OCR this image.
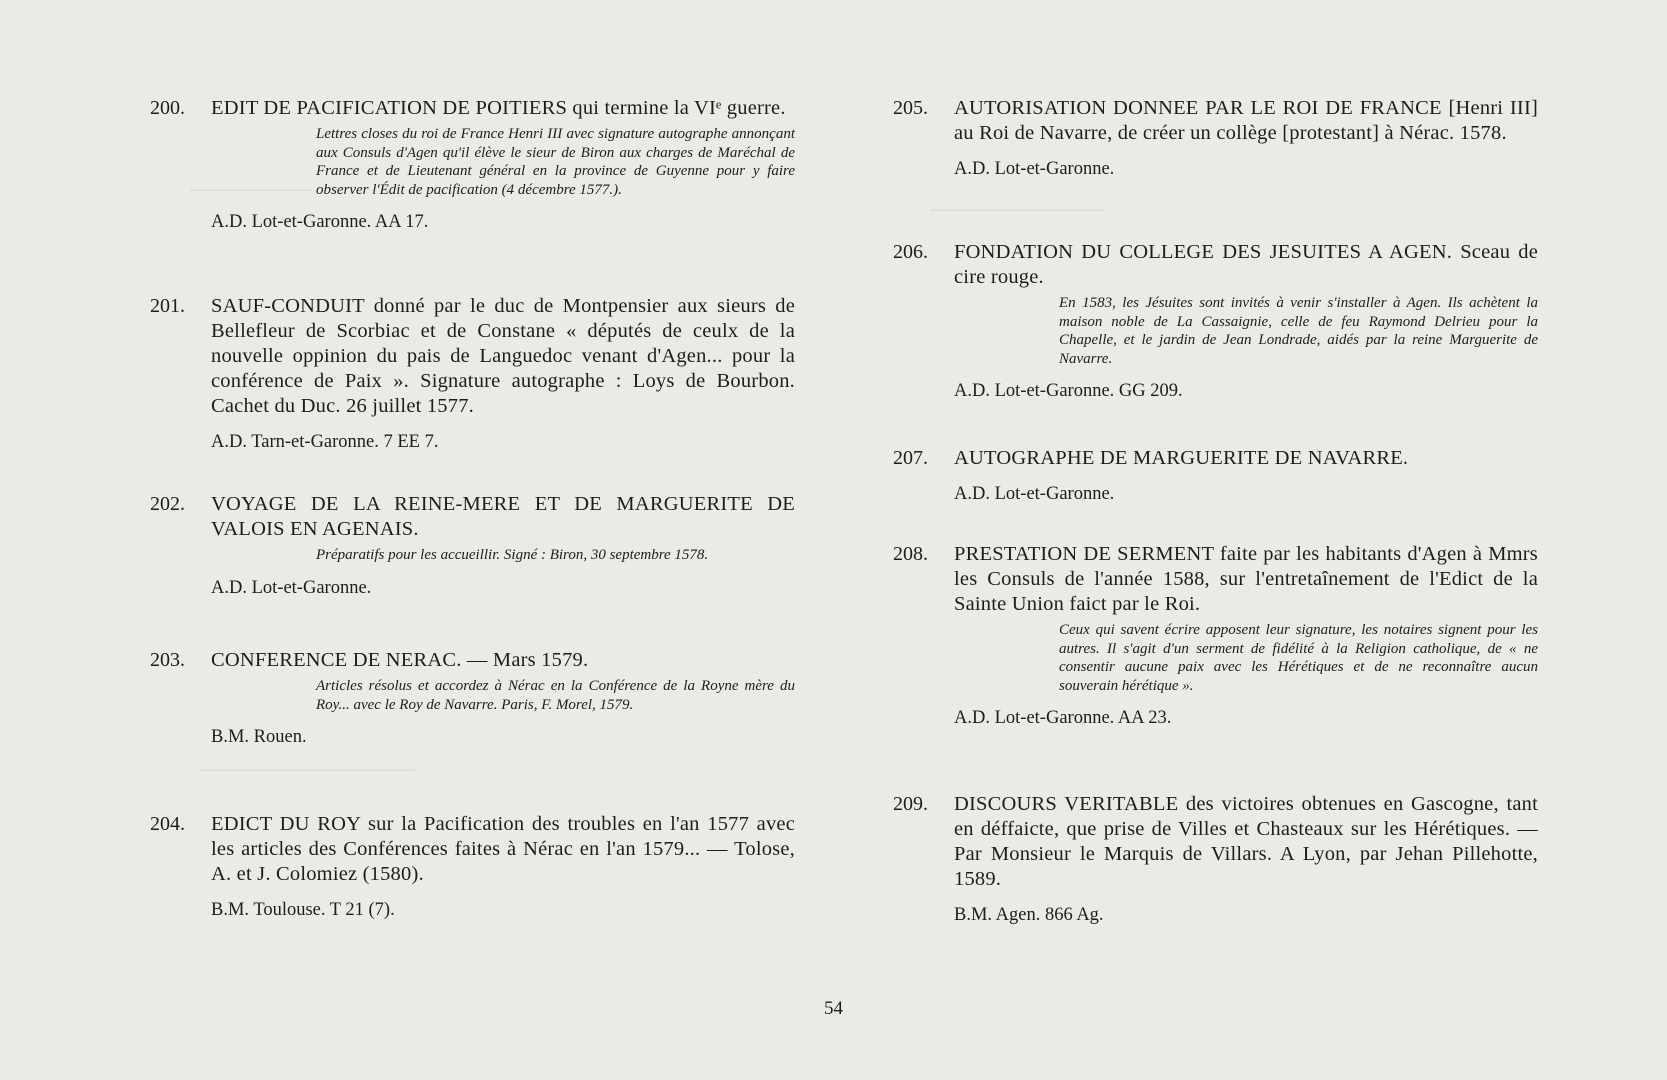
─────────
─────────────
────────────────
200.	EDIT DE PACIFICATION DE POITIERS qui termine la VIᵉ guerre.
Lettres closes du roi de France Henri III avec signature autographe annonçant aux Consuls d'Agen qu'il élève le sieur de Biron aux charges de Maréchal de France et de Lieutenant général en la province de Guyenne pour y faire observer l'Édit de pacification (4 décembre 1577.).
A.D. Lot-et-Garonne. AA 17.
201.	SAUF-CONDUIT donné par le duc de Montpensier aux sieurs de Bellefleur de Scorbiac et de Constane « députés de ceulx de la nouvelle oppinion du pais de Languedoc venant d'Agen... pour la conférence de Paix ». Signature autographe : Loys de Bourbon. Cachet du Duc. 26 juillet 1577.
A.D. Tarn-et-Garonne. 7 EE 7.
202.	VOYAGE DE LA REINE-MERE ET DE MARGUERITE DE VALOIS EN AGENAIS.
Préparatifs pour les accueillir. Signé : Biron, 30 septembre 1578.
A.D. Lot-et-Garonne.
203.	CONFERENCE DE NERAC. — Mars 1579.
Articles résolus et accordez à Nérac en la Conférence de la Royne mère du Roy... avec le Roy de Navarre. Paris, F. Morel, 1579.
B.M. Rouen.
204.	EDICT DU ROY sur la Pacification des troubles en l'an 1577 avec les articles des Conférences faites à Nérac en l'an 1579... — Tolose, A. et J. Colomiez (1580).
B.M. Toulouse. T 21 (7).
205.	AUTORISATION DONNEE PAR LE ROI DE FRANCE [Henri III] au Roi de Navarre, de créer un collège [protestant] à Nérac. 1578.
A.D. Lot-et-Garonne.
206.	FONDATION DU COLLEGE DES JESUITES A AGEN. Sceau de cire rouge.
En 1583, les Jésuites sont invités à venir s'installer à Agen. Ils achètent la maison noble de La Cassaignie, celle de feu Raymond Delrieu pour la Chapelle, et le jardin de Jean Londrade, aidés par la reine Marguerite de Navarre.
A.D. Lot-et-Garonne. GG 209.
207.	AUTOGRAPHE DE MARGUERITE DE NAVARRE.
A.D. Lot-et-Garonne.
208.	PRESTATION DE SERMENT faite par les habitants d'Agen à Mmrs les Consuls de l'année 1588, sur l'entretaînement de l'Edict de la Sainte Union faict par le Roi.
Ceux qui savent écrire apposent leur signature, les notaires signent pour les autres. Il s'agit d'un serment de fidélité à la Religion catholique, de « ne consentir aucune paix avec les Hérétiques et de ne reconnaître aucun souverain hérétique ».
A.D. Lot-et-Garonne. AA 23.
209.	DISCOURS VERITABLE des victoires obtenues en Gascogne, tant en déffaicte, que prise de Villes et Chasteaux sur les Hérétiques. — Par Monsieur le Marquis de Villars. A Lyon, par Jehan Pillehotte, 1589.
B.M. Agen. 866 Ag.
54
